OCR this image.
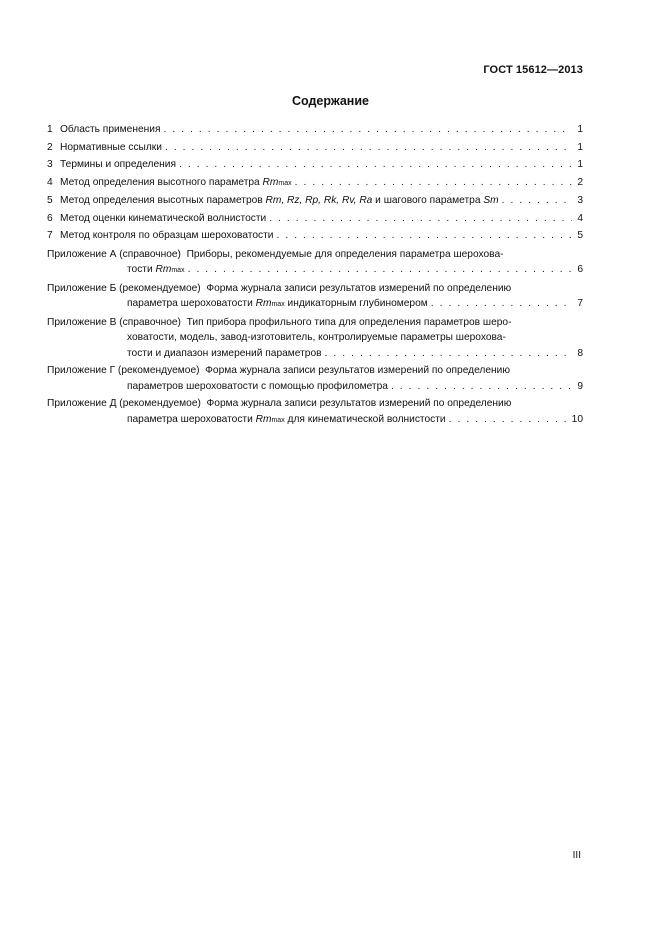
ГОСТ 15612—2013
Содержание
1 Область применения . . .	1
2 Нормативные ссылки . . .	1
3 Термины и определения . . .	1
4 Метод определения высотного параметра Rm max . . .	2
5 Метод определения высотных параметров Rm, Rz, Rp, Rk, Rv, Ra и шагового параметра Sm . . .	3
6 Метод оценки кинематической волнистости . . .	4
7 Метод контроля по образцам шероховатости . . .	5
Приложение А (справочное)  Приборы, рекомендуемые для определения параметра шерохова-
тости Rm max . . .	6
Приложение Б (рекомендуемое)  Форма журнала записи результатов измерений по определению
параметра шероховатости Rm max индикаторным глубиномером . . .	7
Приложение В (справочное)  Тип прибора профильного типа для определения параметров шеро-
ховатости, модель, завод-изготовитель, контролируемые параметры шерохова-
тости и диапазон измерений параметров . . .	8
Приложение Г (рекомендуемое)  Форма журнала записи результатов измерений по определению
параметров шероховатости с помощью профилометра . . .	9
Приложение Д (рекомендуемое)  Форма журнала записи результатов измерений по определению
параметра шероховатости Rm max для кинематической волнистости . . .	10
III
